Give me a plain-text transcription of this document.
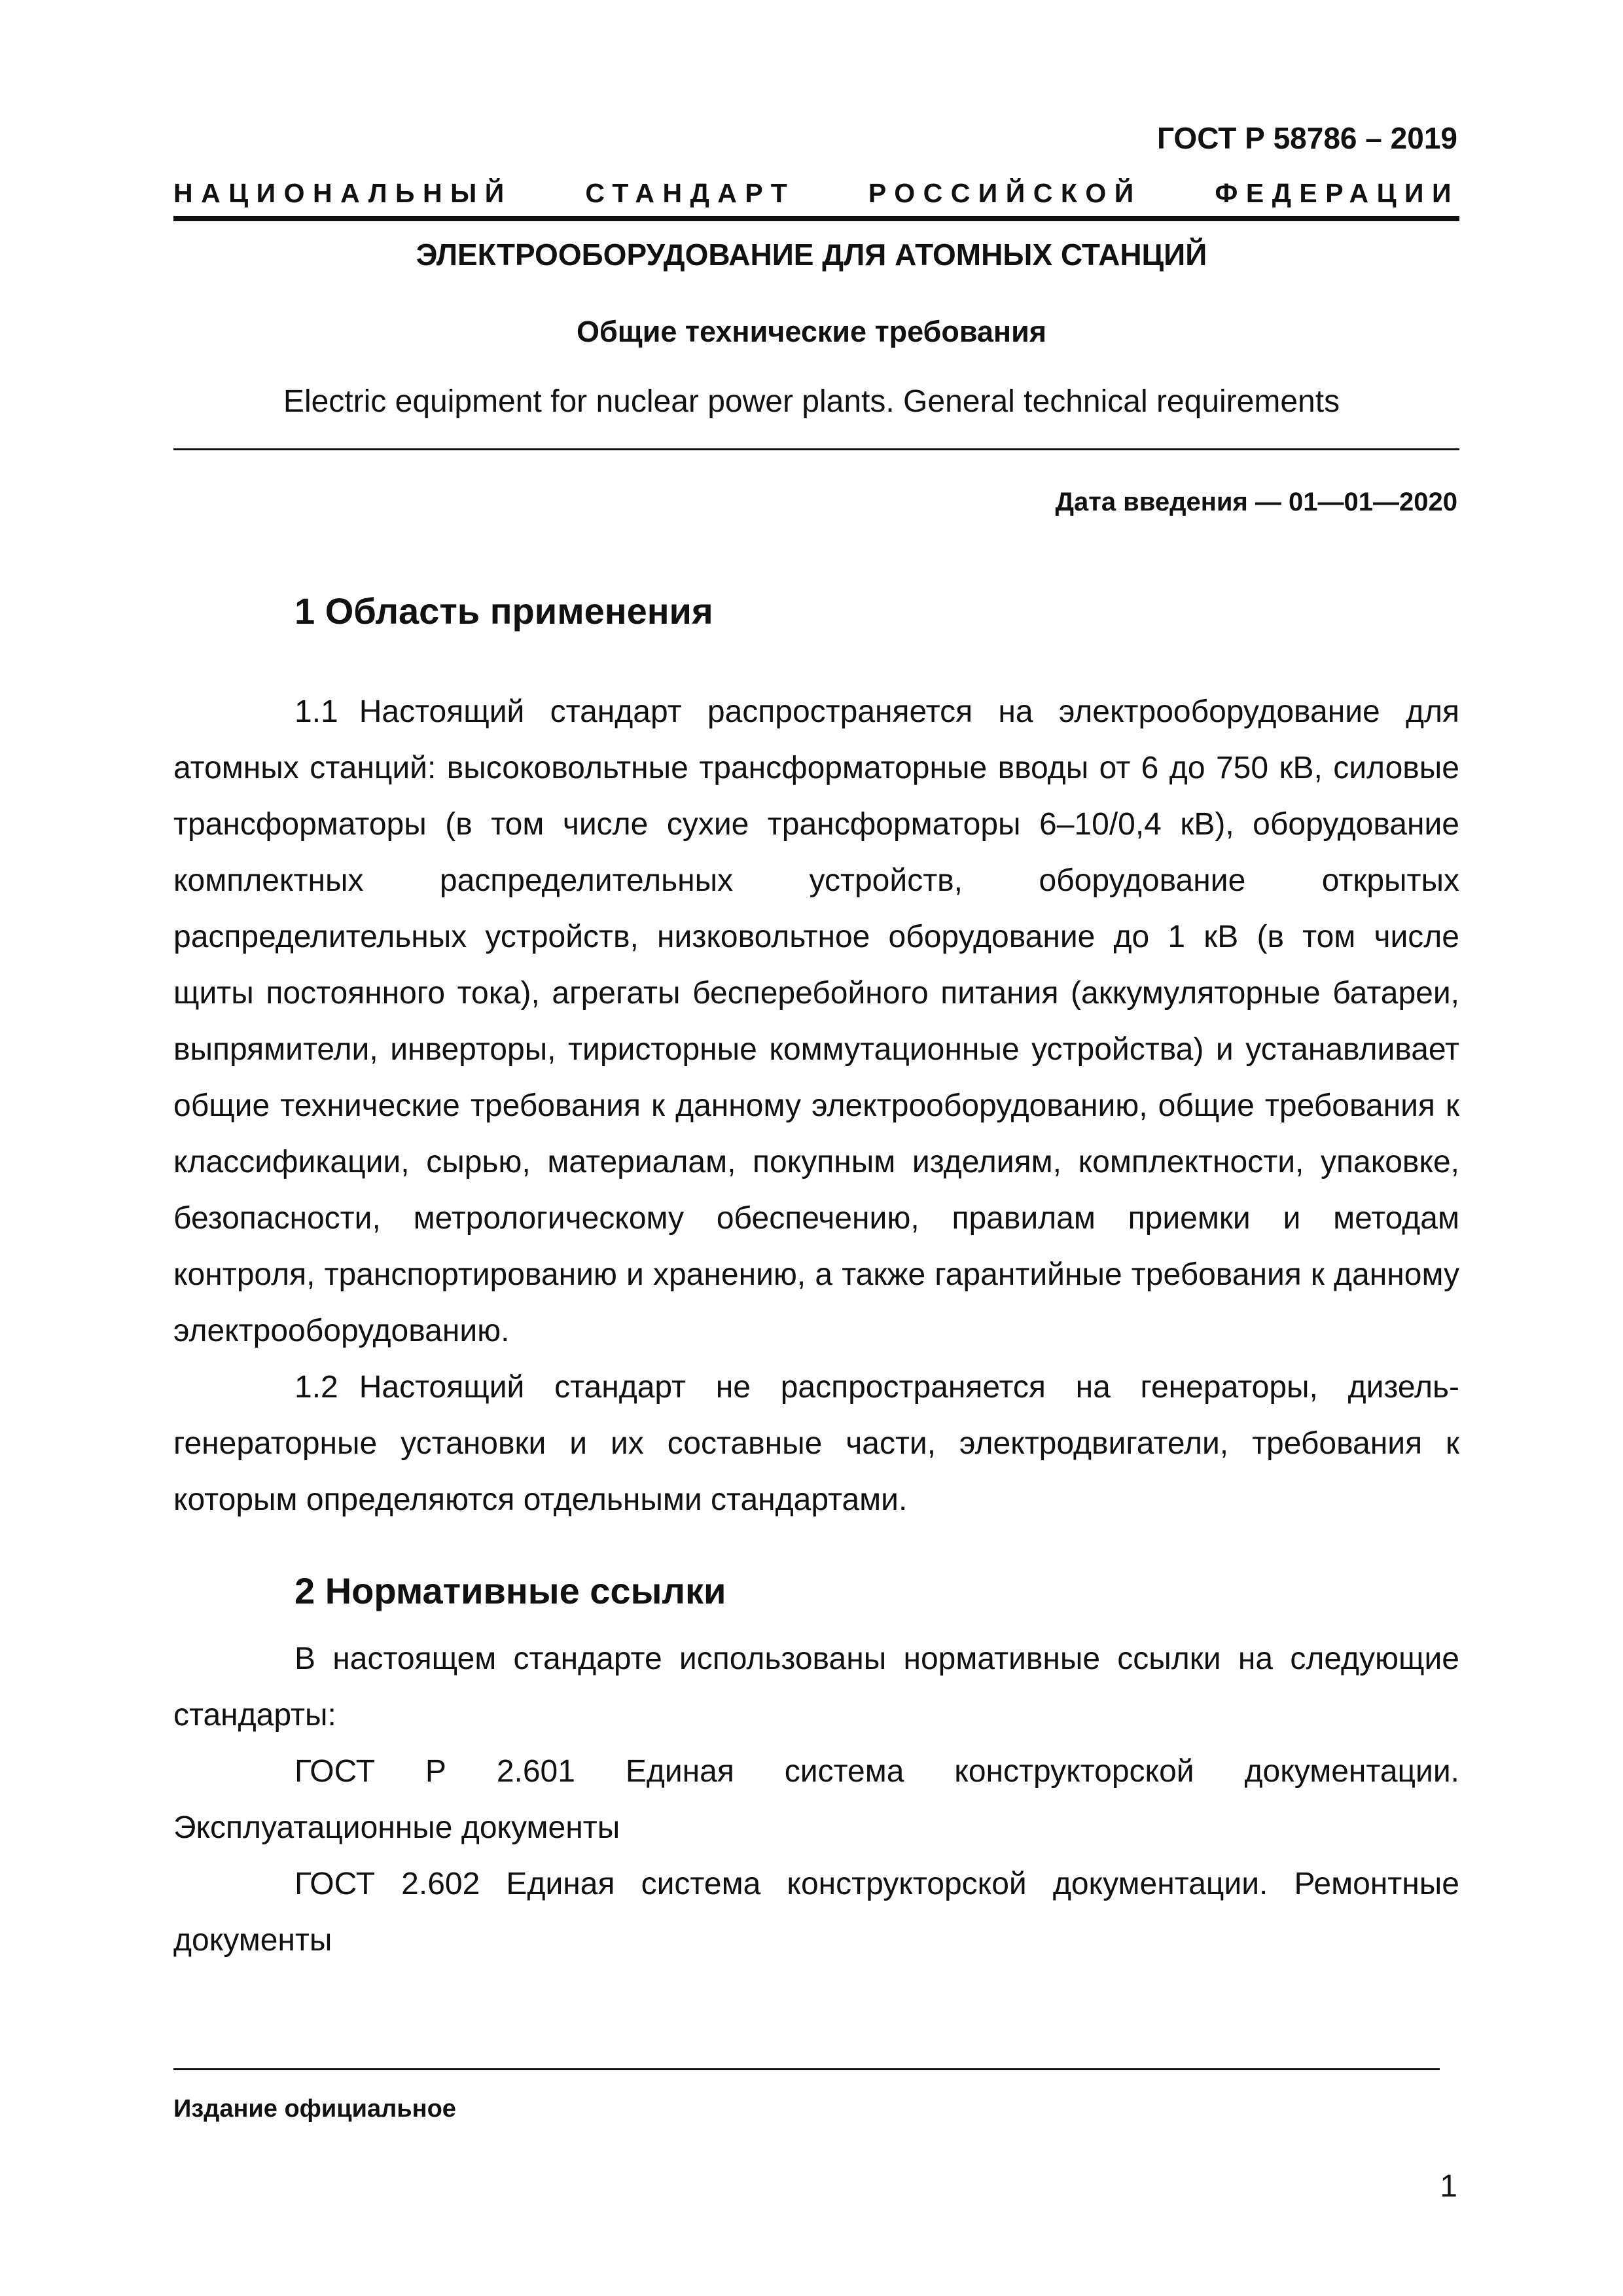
ГОСТ Р 58786 – 2019
НАЦИОНАЛЬНЫЙ СТАНДАРТ РОССИЙСКОЙ ФЕДЕРАЦИИ
ЭЛЕКТРООБОРУДОВАНИЕ ДЛЯ АТОМНЫХ СТАНЦИЙ
Общие технические требования
Electric equipment for nuclear power plants. General technical requirements
Дата введения — 01—01—2020
1 Область применения

1.1 Настоящий стандарт распространяется на электрооборудование для атомных станций: высоковольтные трансформаторные вводы от 6 до 750 кВ, силовые трансформаторы (в том числе сухие трансформаторы 6–10/0,4 кВ), оборудование комплектных распределительных устройств, оборудование открытых распределительных устройств, низковольтное оборудование до 1 кВ (в том числе щиты постоянного тока), агрегаты бесперебойного питания (аккумуляторные батареи, выпрямители, инверторы, тиристорные коммутационные устройства) и устанавливает общие технические требования к данному электрооборудованию, общие требования к классификации, сырью, материалам, покупным изделиям, комплектности, упаковке, безопасности, метрологическому обеспечению, правилам приемки и методам контроля, транспортированию и хранению, а также гарантийные требования к данному электрооборудованию.

1.2 Настоящий стандарт не распространяется на генераторы, дизель-генераторные установки и их составные части, электродвигатели, требования к которым определяются отдельными стандартами.

2 Нормативные ссылки

В настоящем стандарте использованы нормативные ссылки на следующие стандарты:

ГОСТ Р 2.601 Единая система конструкторской документации. Эксплуатационные документы

ГОСТ 2.602 Единая система конструкторской документации. Ремонтные документы

Издание официальное
1
